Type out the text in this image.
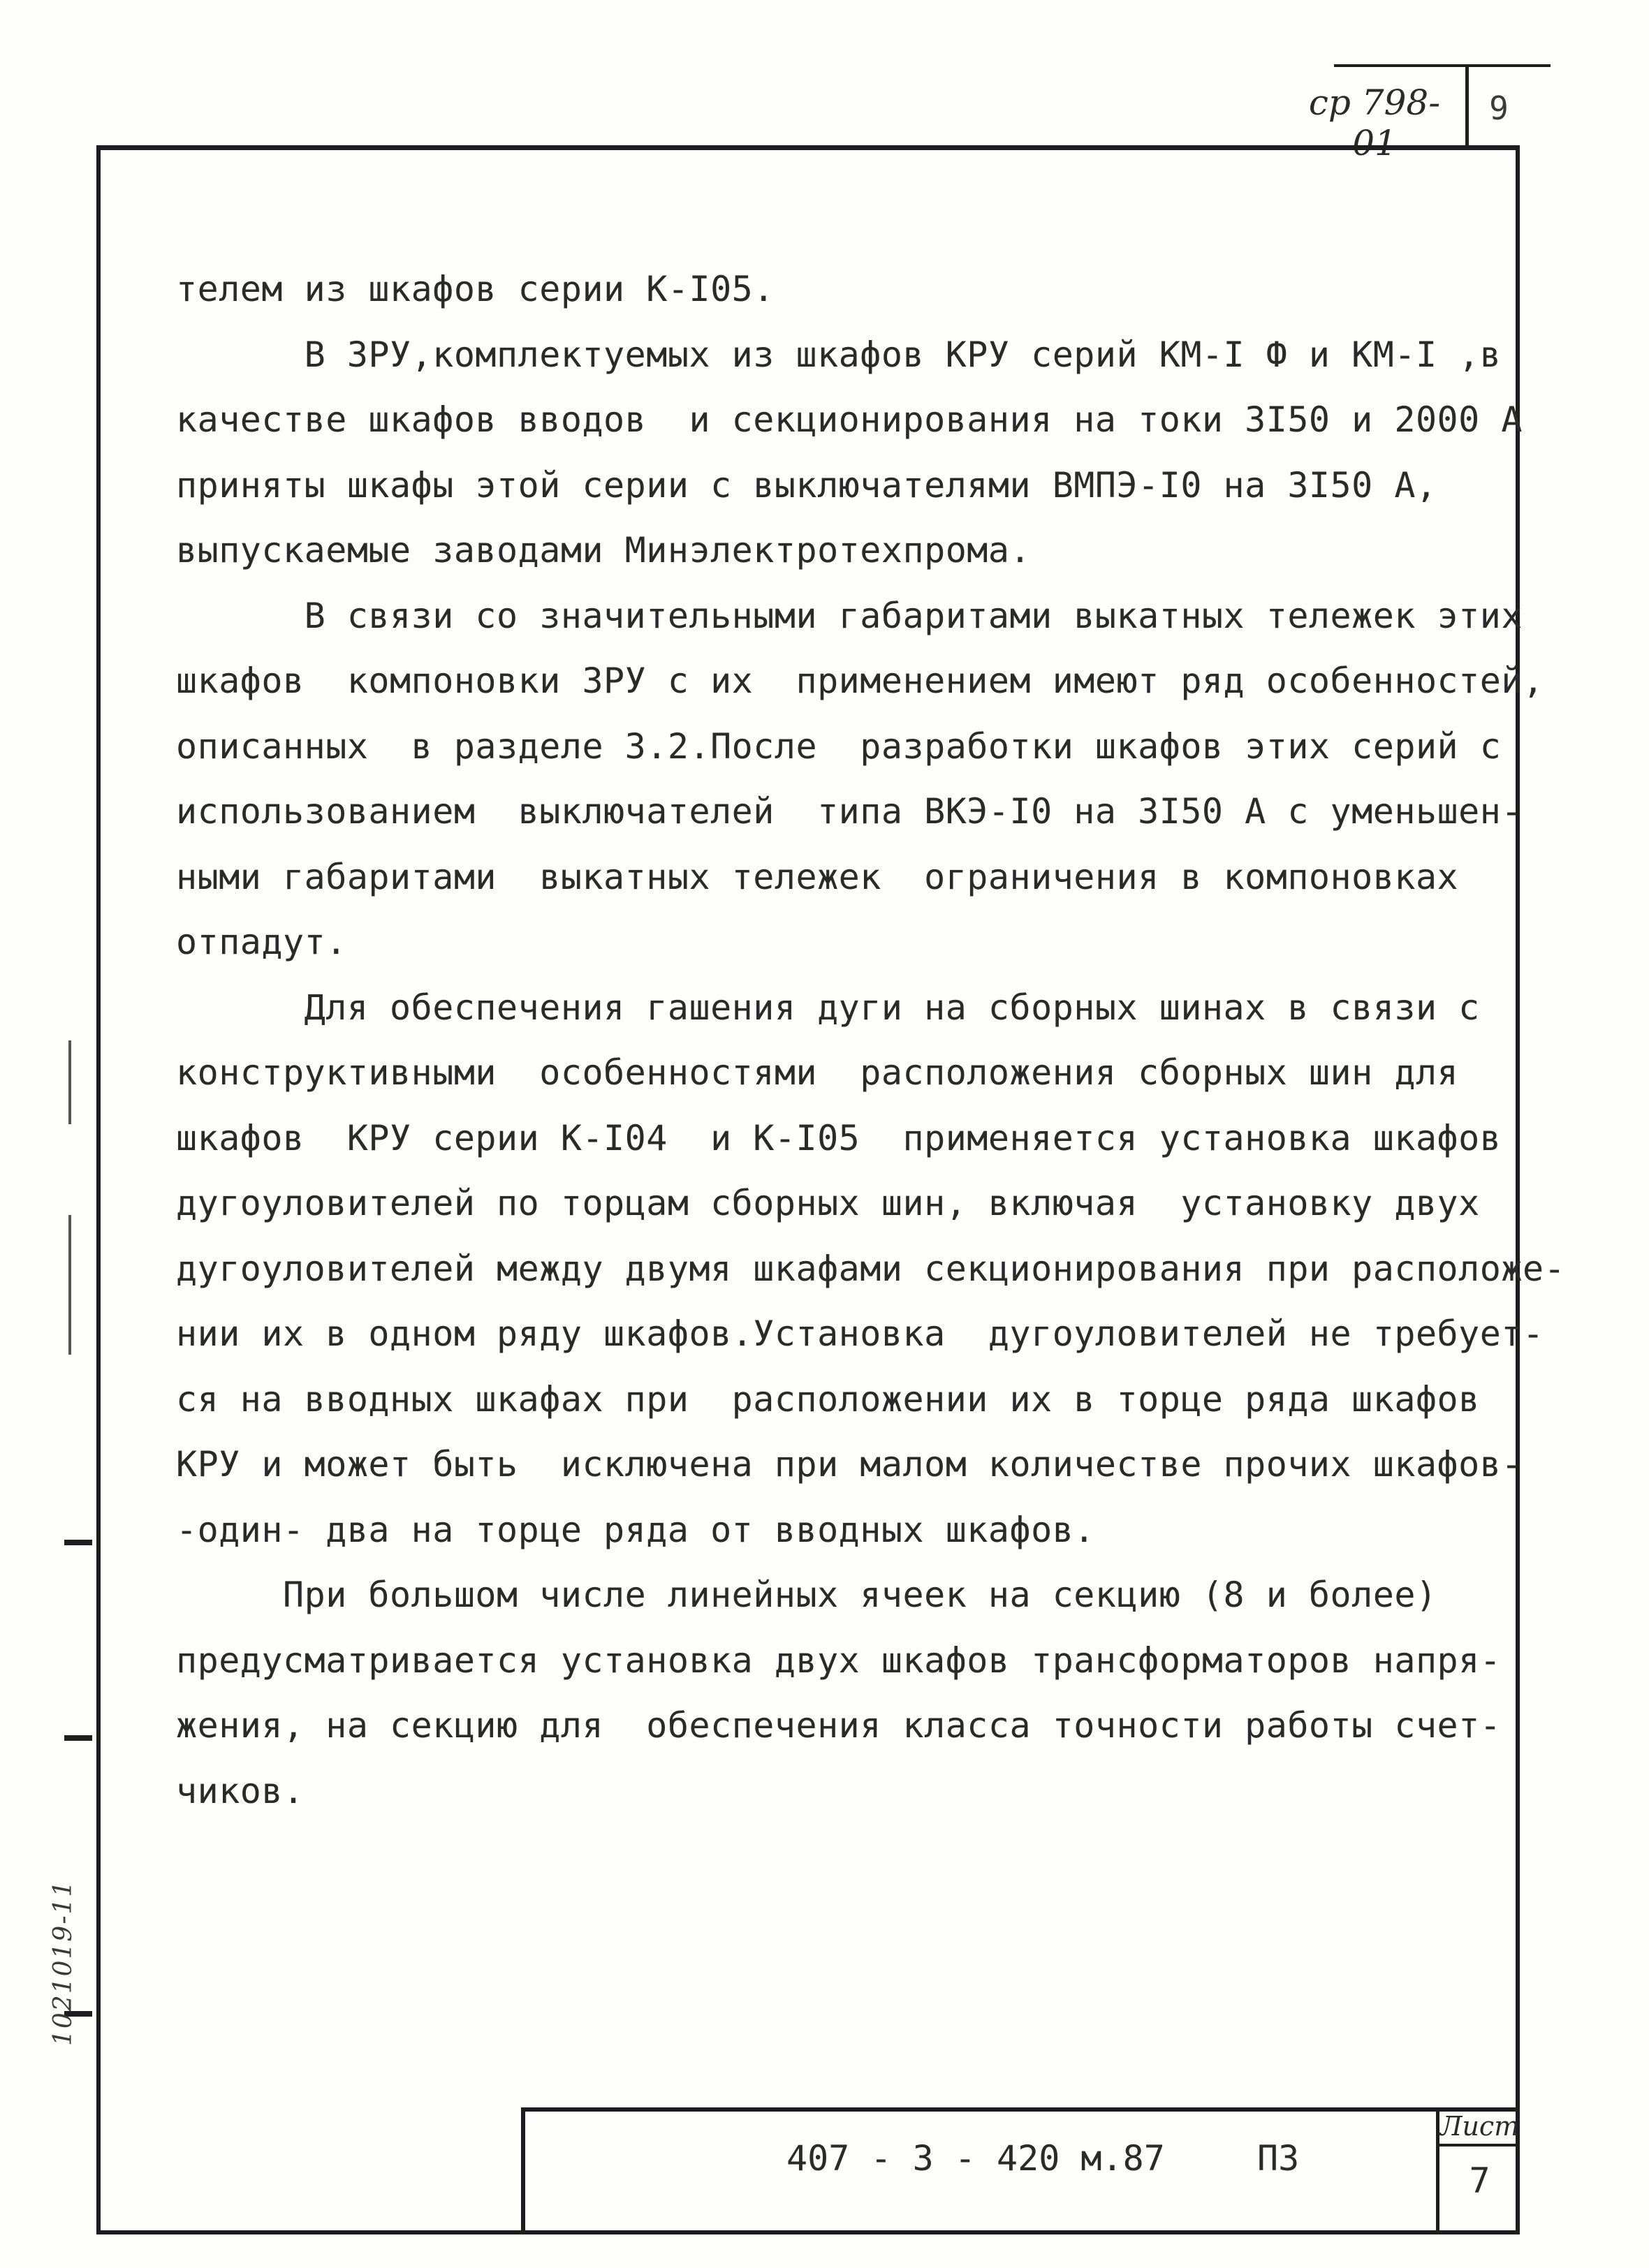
ср 798-01
9
телем из шкафов серии К-I05.
В ЗРУ,комплектуемых из шкафов КРУ серий КМ-I Ф и КМ-I ,в
качестве шкафов вводов  и секционирования на токи 3I50 и 2000 А
приняты шкафы этой серии с выключателями ВМПЭ-I0 на 3I50 А,
выпускаемые заводами Минэлектротехпрома.
В связи со значительными габаритами выкатных тележек этих
шкафов  компоновки ЗРУ с их  применением имеют ряд особенностей,
описанных  в разделе 3.2.После  разработки шкафов этих серий с
использованием  выключателей  типа ВКЭ-I0 на 3I50 А с уменьшен-
ными габаритами  выкатных тележек  ограничения в компоновках
отпадут.
Для обеспечения гашения дуги на сборных шинах в связи с
конструктивными  особенностями  расположения сборных шин для
шкафов  КРУ серии К-I04  и К-I05  применяется установка шкафов
дугоуловителей по торцам сборных шин, включая  установку двух
дугоуловителей между двумя шкафами секционирования при расположе-
нии их в одном ряду шкафов.Установка  дугоуловителей не требует-
ся на вводных шкафах при  расположении их в торце ряда шкафов
КРУ и может быть  исключена при малом количестве прочих шкафов-
-один- два на торце ряда от вводных шкафов.
При большом числе линейных ячеек на секцию (8 и более)
предусматривается установка двух шкафов трансформаторов напря-
жения, на секцию для  обеспечения класса точности работы счет-
чиков.
407 - 3 - 420 м.87	ПЗ
Лист
7
1021019-11
